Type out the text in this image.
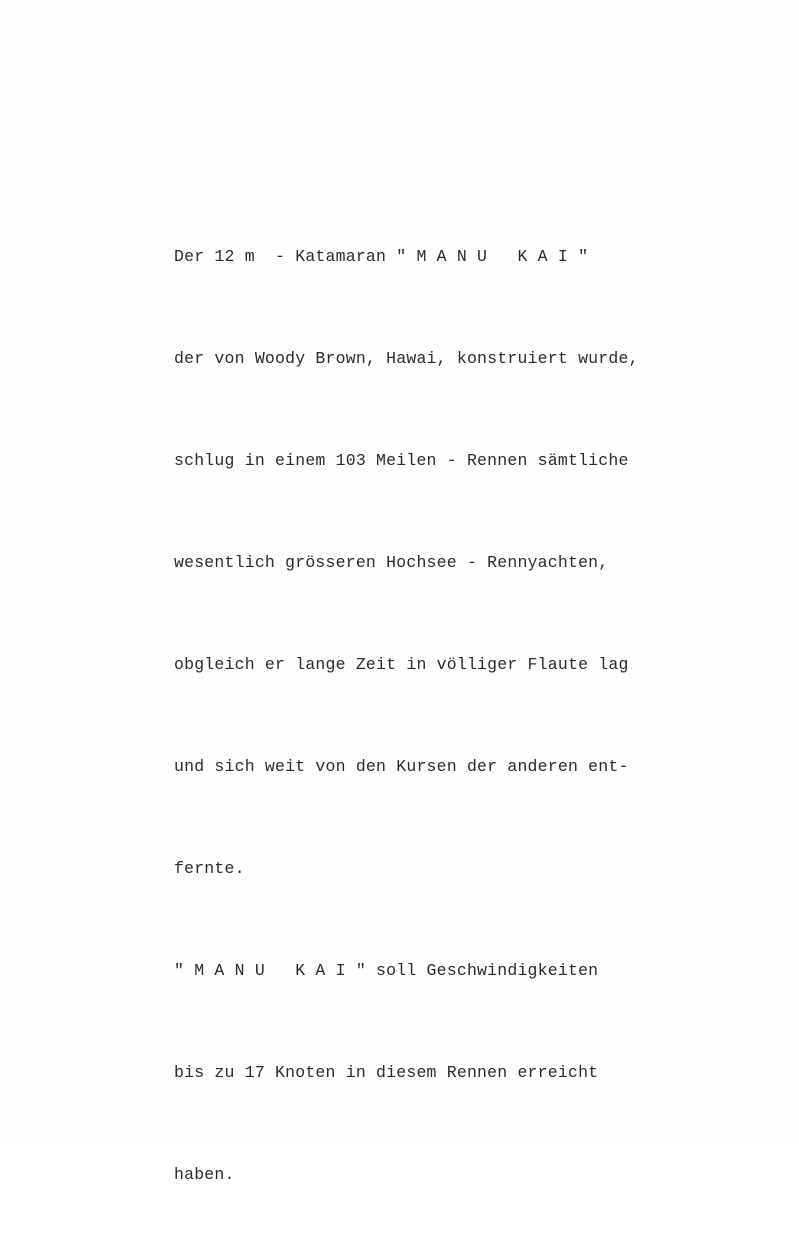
Der 12 m  - Katamaran " M A N U   K A I "

der von Woody Brown, Hawai, konstruiert wurde,

schlug in einem 103 Meilen - Rennen sämtliche

wesentlich grösseren Hochsee - Rennyachten,

obgleich er lange Zeit in völliger Flaute lag

und sich weit von den Kursen der anderen ent-

fernte.

" M A N U   K A I " soll Geschwindigkeiten

bis zu 17 Knoten in diesem Rennen erreicht

haben.
